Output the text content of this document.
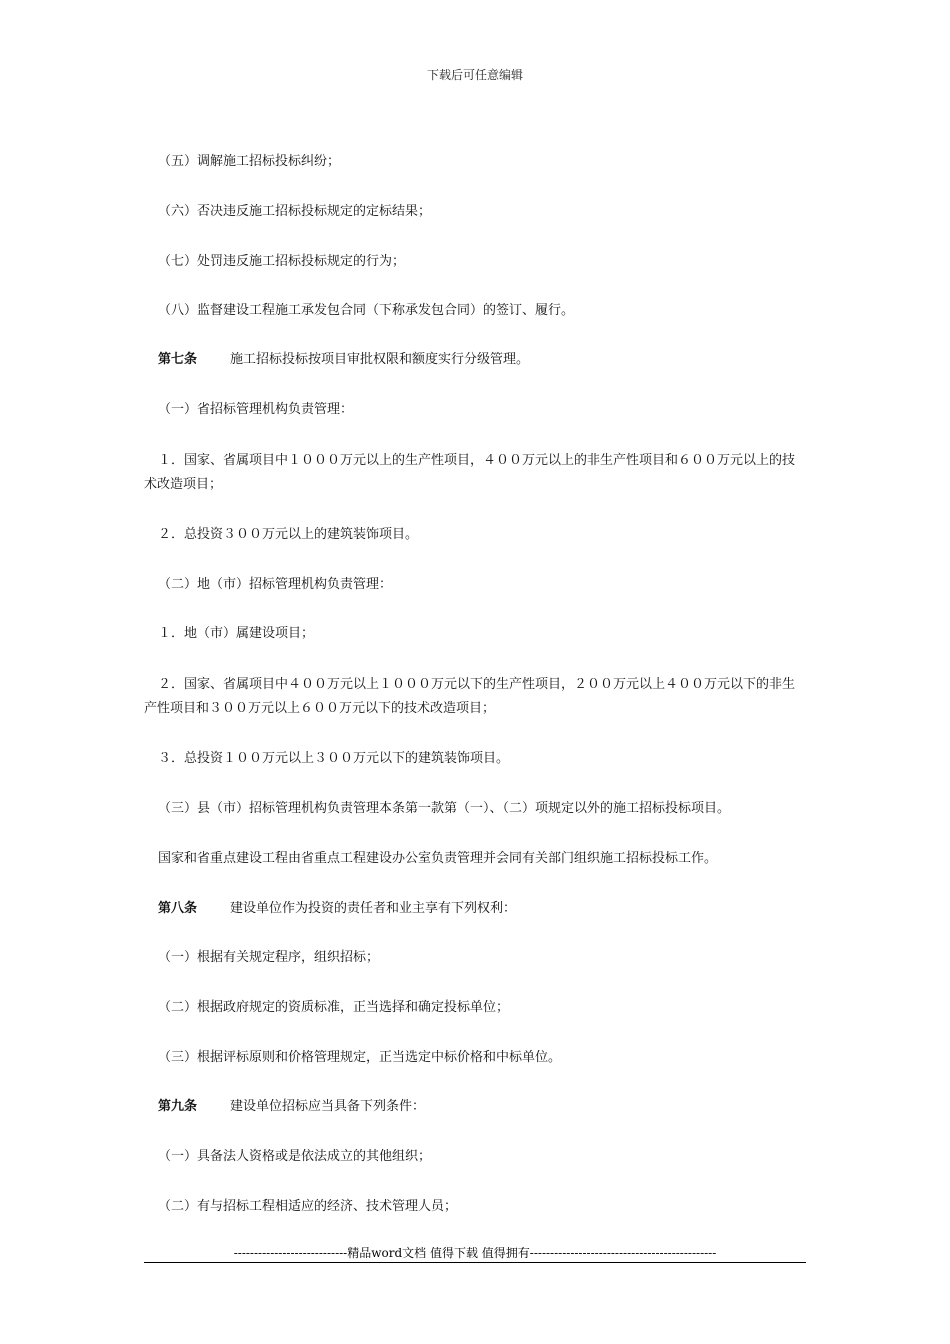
下载后可任意编辑
（五）调解施工招标投标纠纷；
（六）否决违反施工招标投标规定的定标结果；
（七）处罚违反施工招标投标规定的行为；
（八）监督建设工程施工承发包合同（下称承发包合同）的签订、履行。
第七条	施工招标投标按项目审批权限和额度实行分级管理。
（一）省招标管理机构负责管理：
１．国家、省属项目中１０００万元以上的生产性项目，４００万元以上的非生产性项目和６００万元以上的技术改造项目；
２．总投资３００万元以上的建筑装饰项目。
（二）地（市）招标管理机构负责管理：
１．地（市）属建设项目；
２．国家、省属项目中４００万元以上１０００万元以下的生产性项目，２００万元以上４００万元以下的非生产性项目和３００万元以上６００万元以下的技术改造项目；
３．总投资１００万元以上３００万元以下的建筑装饰项目。
（三）县（市）招标管理机构负责管理本条第一款第（一）、（二）项规定以外的施工招标投标项目。
国家和省重点建设工程由省重点工程建设办公室负责管理并会同有关部门组织施工招标投标工作。
第八条	建设单位作为投资的责任者和业主享有下列权利：
（一）根据有关规定程序，组织招标；
（二）根据政府规定的资质标准，正当选择和确定投标单位；
（三）根据评标原则和价格管理规定，正当选定中标价格和中标单位。
第九条	建设单位招标应当具备下列条件：
（一）具备法人资格或是依法成立的其他组织；
（二）有与招标工程相适应的经济、技术管理人员；
----------------------------精品word文档 值得下载 值得拥有----------------------------------------------
